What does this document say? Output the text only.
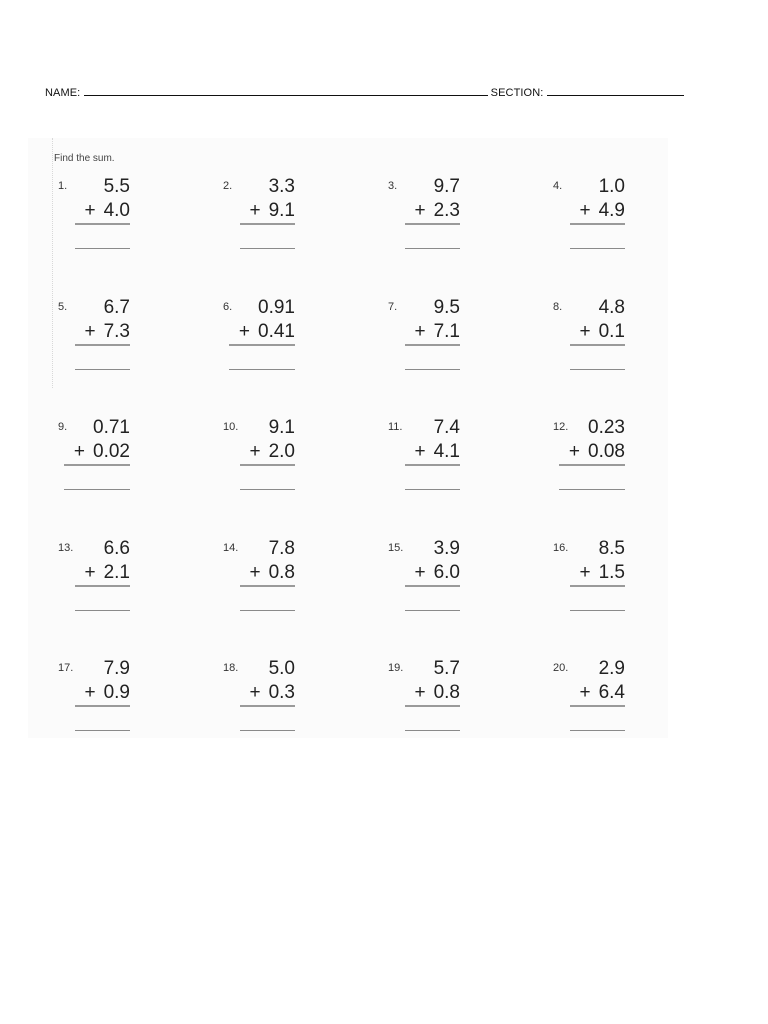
NAME:	SECTION:
Find the sum.
1. 5.5
+ 4.0
2. 3.3
+ 9.1
3. 9.7
+ 2.3
4. 1.0
+ 4.9
5. 6.7
+ 7.3
6. 0.91
+ 0.41
7. 9.5
+ 7.1
8. 4.8
+ 0.1
9. 0.71
+ 0.02
10. 9.1
+ 2.0
11. 7.4
+ 4.1
12. 0.23
+ 0.08
13. 6.6
+ 2.1
14. 7.8
+ 0.8
15. 3.9
+ 6.0
16. 8.5
+ 1.5
17. 7.9
+ 0.9
18. 5.0
+ 0.3
19. 5.7
+ 0.8
20. 2.9
+ 6.4
